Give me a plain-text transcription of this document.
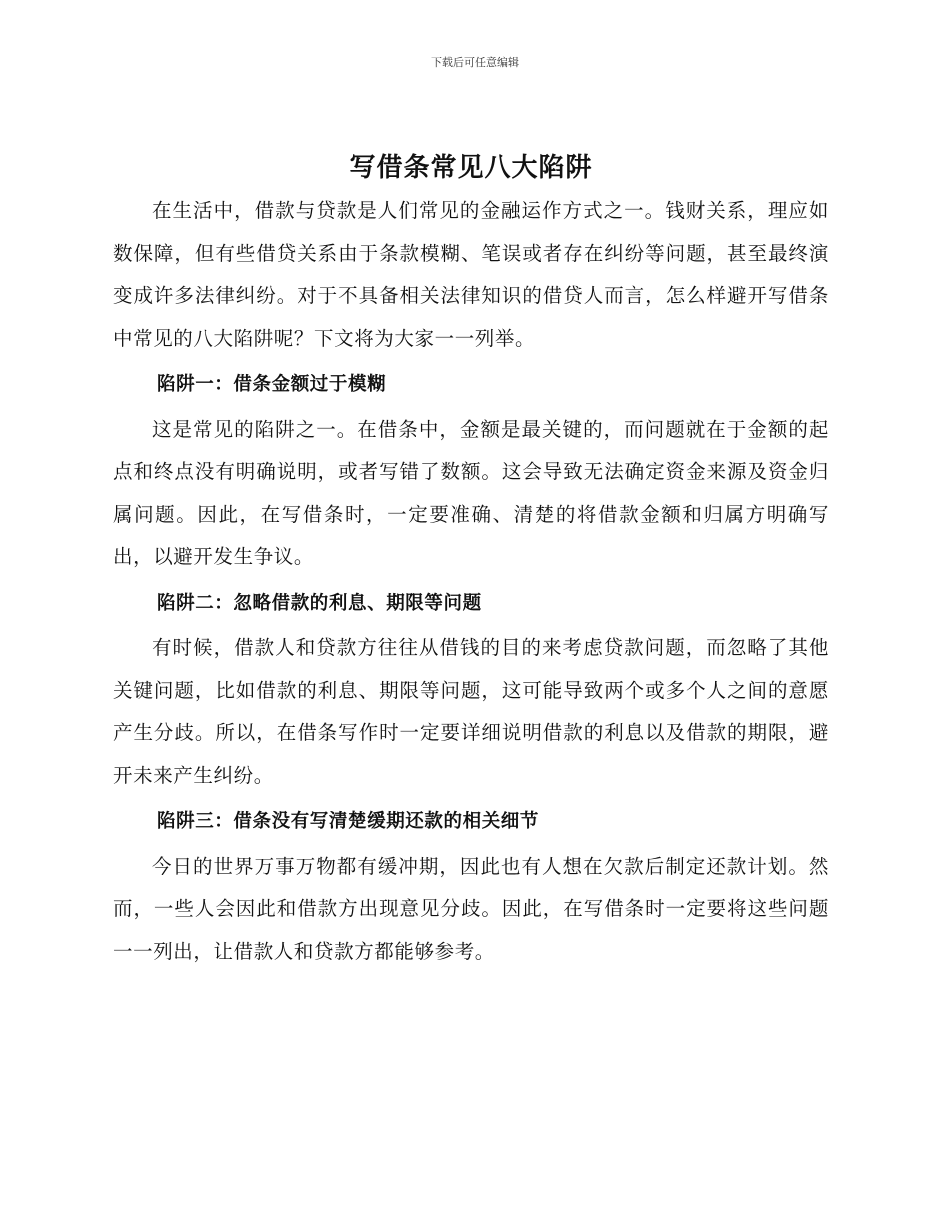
下载后可任意编辑
写借条常见八大陷阱

在生活中，借款与贷款是人们常见的金融运作方式之一。钱财关系，理应如数保障，但有些借贷关系由于条款模糊、笔误或者存在纠纷等问题，甚至最终演变成许多法律纠纷。对于不具备相关法律知识的借贷人而言，怎么样避开写借条中常见的八大陷阱呢？下文将为大家一一列举。

陷阱一：借条金额过于模糊

这是常见的陷阱之一。在借条中，金额是最关键的，而问题就在于金额的起点和终点没有明确说明，或者写错了数额。这会导致无法确定资金来源及资金归属问题。因此，在写借条时，一定要准确、清楚的将借款金额和归属方明确写出，以避开发生争议。

陷阱二：忽略借款的利息、期限等问题

有时候，借款人和贷款方往往从借钱的目的来考虑贷款问题，而忽略了其他关键问题，比如借款的利息、期限等问题，这可能导致两个或多个人之间的意愿产生分歧。所以，在借条写作时一定要详细说明借款的利息以及借款的期限，避开未来产生纠纷。

陷阱三：借条没有写清楚缓期还款的相关细节

今日的世界万事万物都有缓冲期，因此也有人想在欠款后制定还款计划。然而，一些人会因此和借款方出现意见分歧。因此，在写借条时一定要将这些问题一一列出，让借款人和贷款方都能够参考。
